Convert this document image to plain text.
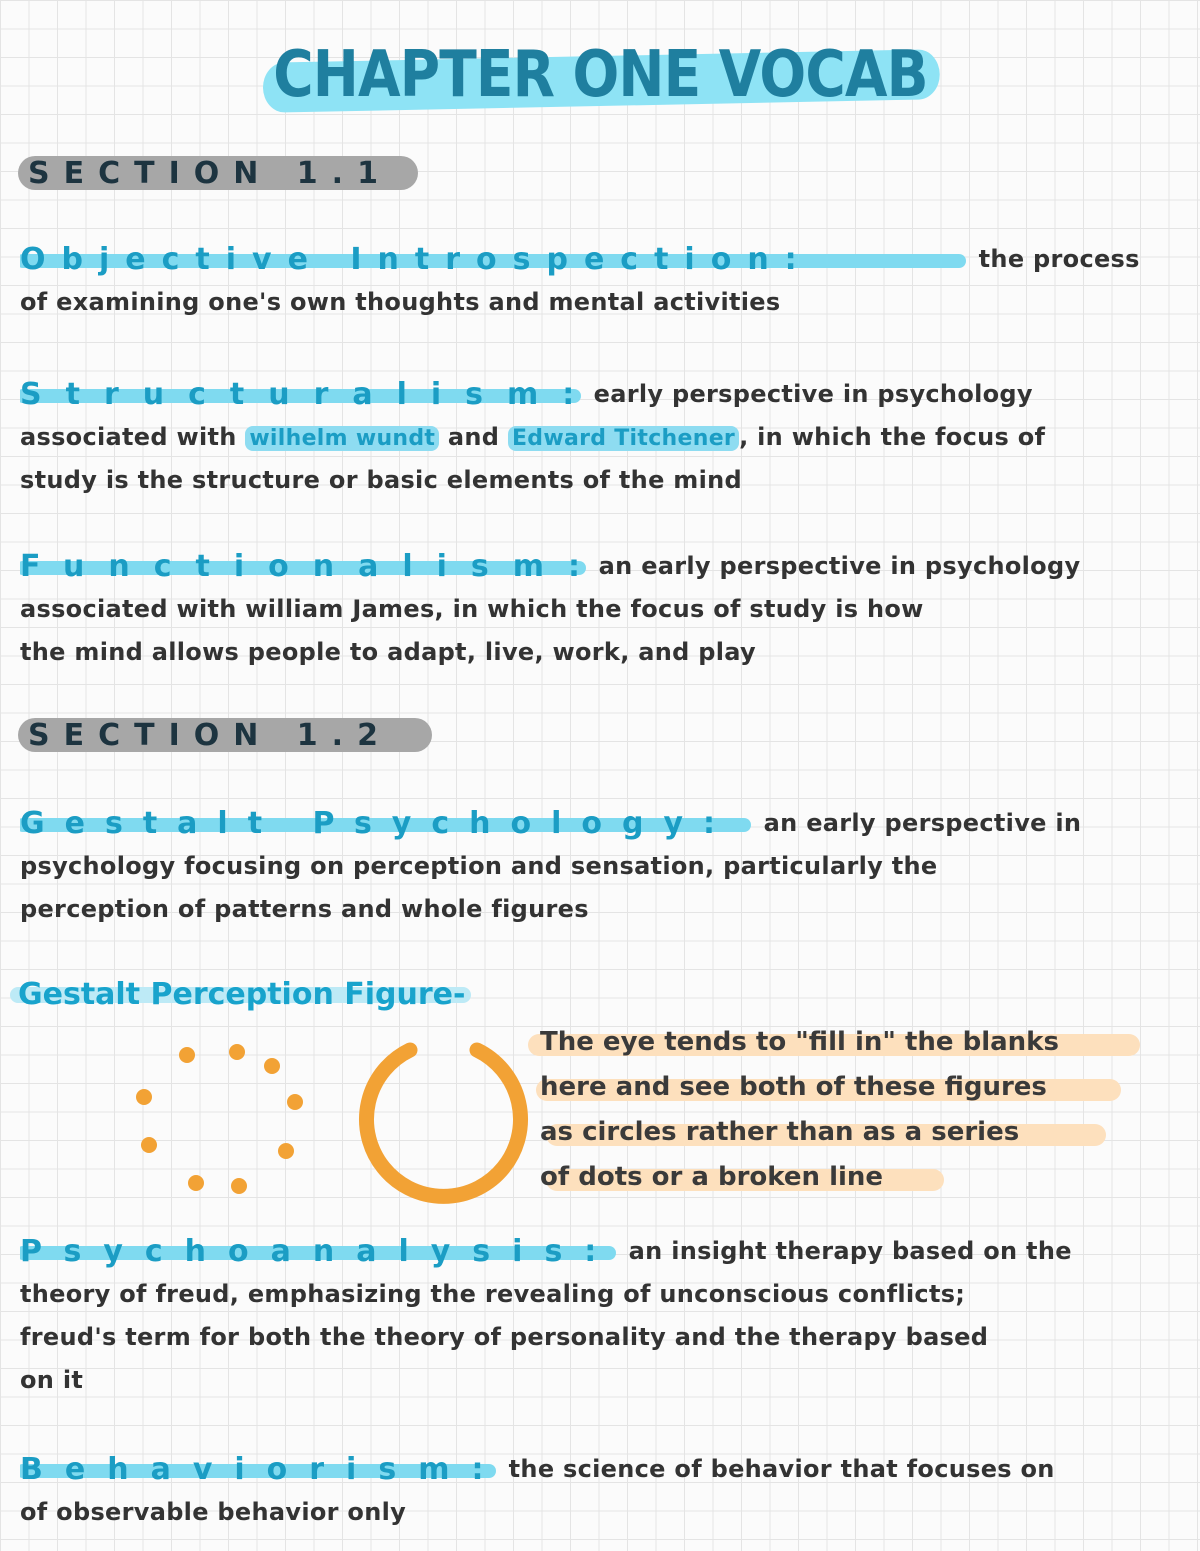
CHAPTER ONE VOCAB
SECTION 1.1
Objective Introspection:	the process
of examining one's own thoughts and mental activities
Structuralism: early perspective in psychology
associated with wilhelm wundt and Edward Titchener , in which the focus of
study is the structure or basic elements of the mind
Functionalism: an early perspective in psychology
associated with william James, in which the focus of study is how
the mind allows people to adapt, live, work, and play
SECTION 1.2
Gestalt Psychology: an early perspective in
psychology focusing on perception and sensation, particularly the
perception of patterns and whole figures
Gestalt Perception Figure-
The eye tends to "fill in" the blanks
here and see both of these figures
as circles rather than as a series
of dots or a broken line
Psychoanalysis: an insight therapy based on the
theory of freud, emphasizing the revealing of unconscious conflicts;
freud's term for both the theory of personality and the therapy based
on it
Behaviorism: the science of behavior that focuses on
of observable behavior only
